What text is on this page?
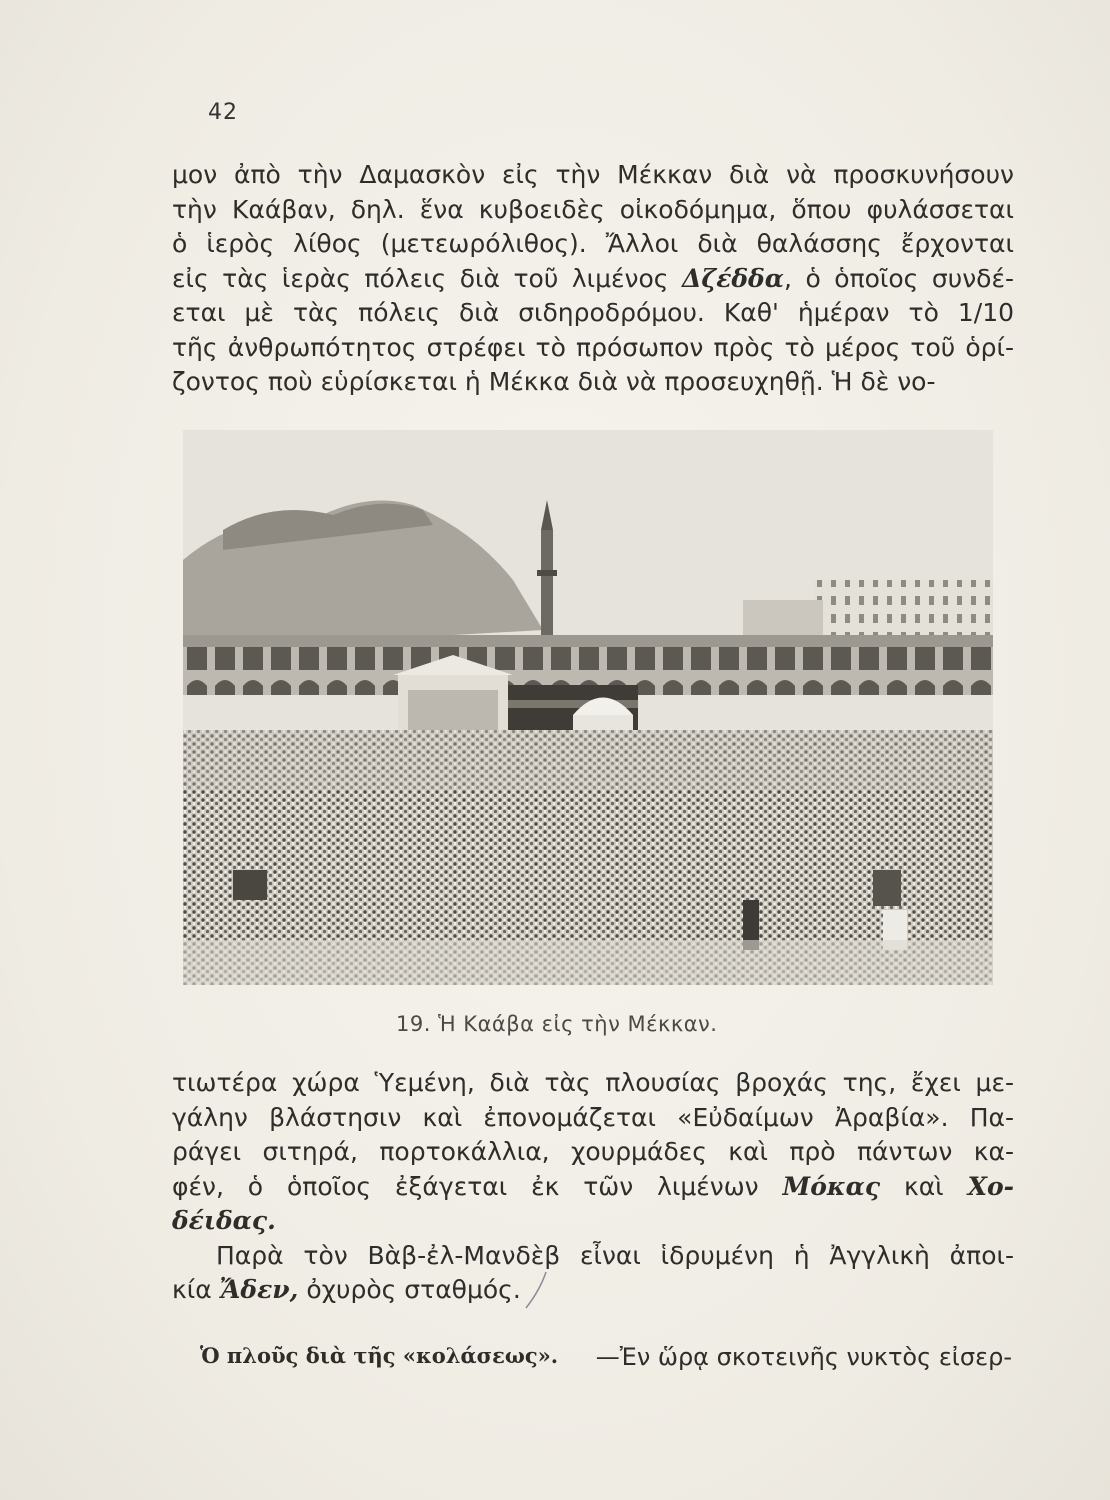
42
μον ἀπὸ τὴν Δαμασκὸν εἰς τὴν Μέκκαν διὰ νὰ προσκυνήσουν
τὴν Καάβαν, δηλ. ἕνα κυβοειδὲς οἰκοδόμημα, ὅπου φυλάσσεται
ὁ ἱερὸς λίθος (μετεωρόλιθος). Ἄλλοι διὰ θαλάσσης ἔρχονται
εἰς τὰς ἱερὰς πόλεις διὰ τοῦ λιμένος Δζέδδα, ὁ ὁποῖος συνδέ-
εται μὲ τὰς πόλεις διὰ σιδηροδρόμου. Καθ' ἡμέραν τὸ 1/10
τῆς ἀνθρωπότητος στρέφει τὸ πρόσωπον πρὸς τὸ μέρος τοῦ ὁρί-
ζοντος ποὺ εὑρίσκεται ἡ Μέκκα διὰ νὰ προσευχηθῇ. Ἡ δὲ νο-
19. Ἡ Καάβα εἰς τὴν Μέκκαν.
τιωτέρα χώρα Ὑεμένη, διὰ τὰς πλουσίας βροχάς της, ἔχει με-
γάλην βλάστησιν καὶ ἐπονομάζεται «Εὐδαίμων Ἀραβία». Πα-
ράγει σιτηρά, πορτοκάλλια, χουρμάδες καὶ πρὸ πάντων κα-
φέν, ὁ ὁποῖος ἐξάγεται ἐκ τῶν λιμένων Μόκας καὶ Χο-
δέιδας.
Παρὰ τὸν Βὰβ-ἐλ-Μανδὲβ εἶναι ἱδρυμένη ἡ Ἀγγλικὴ ἀποι-
κία Ἄδεν, ὀχυρὸς σταθμός.
Ὁ πλοῦς διὰ τῆς «κολάσεως». —Ἐν ὥρᾳ σκοτεινῆς νυκτὸς εἰσερ-
